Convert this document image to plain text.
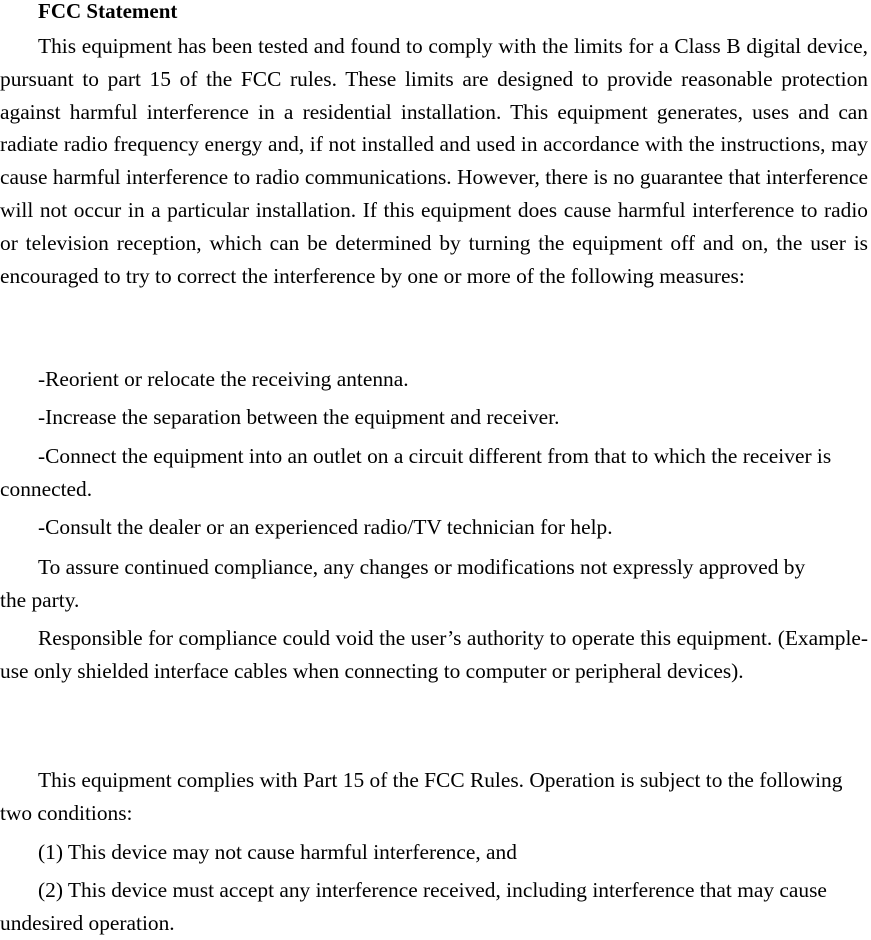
FCC Statement

This equipment has been tested and found to comply with the limits for a Class B digital device, pursuant to part 15 of the FCC rules. These limits are designed to provide reasonable protection against harmful interference in a residential installation. This equipment generates, uses and can radiate radio frequency energy and, if not installed and used in accordance with the instructions, may cause harmful interference to radio communications. However, there is no guarantee that interference will not occur in a particular installation. If this equipment does cause harmful interference to radio or television reception, which can be determined by turning the equipment off and on, the user is encouraged to try to correct the interference by one or more of the following measures:

-Reorient or relocate the receiving antenna.

-Increase the separation between the equipment and receiver.

-Connect the equipment into an outlet on a circuit different from that to which the receiver is connected.

-Consult the dealer or an experienced radio/TV technician for help.

To assure continued compliance, any changes or modifications not expressly approved by the party.

Responsible for compliance could void the user’s authority to operate this equipment. (Example- use only shielded interface cables when connecting to computer or peripheral devices).

This equipment complies with Part 15 of the FCC Rules. Operation is subject to the following two conditions:

(1) This device may not cause harmful interference, and

(2) This device must accept any interference received, including interference that may cause undesired operation.
